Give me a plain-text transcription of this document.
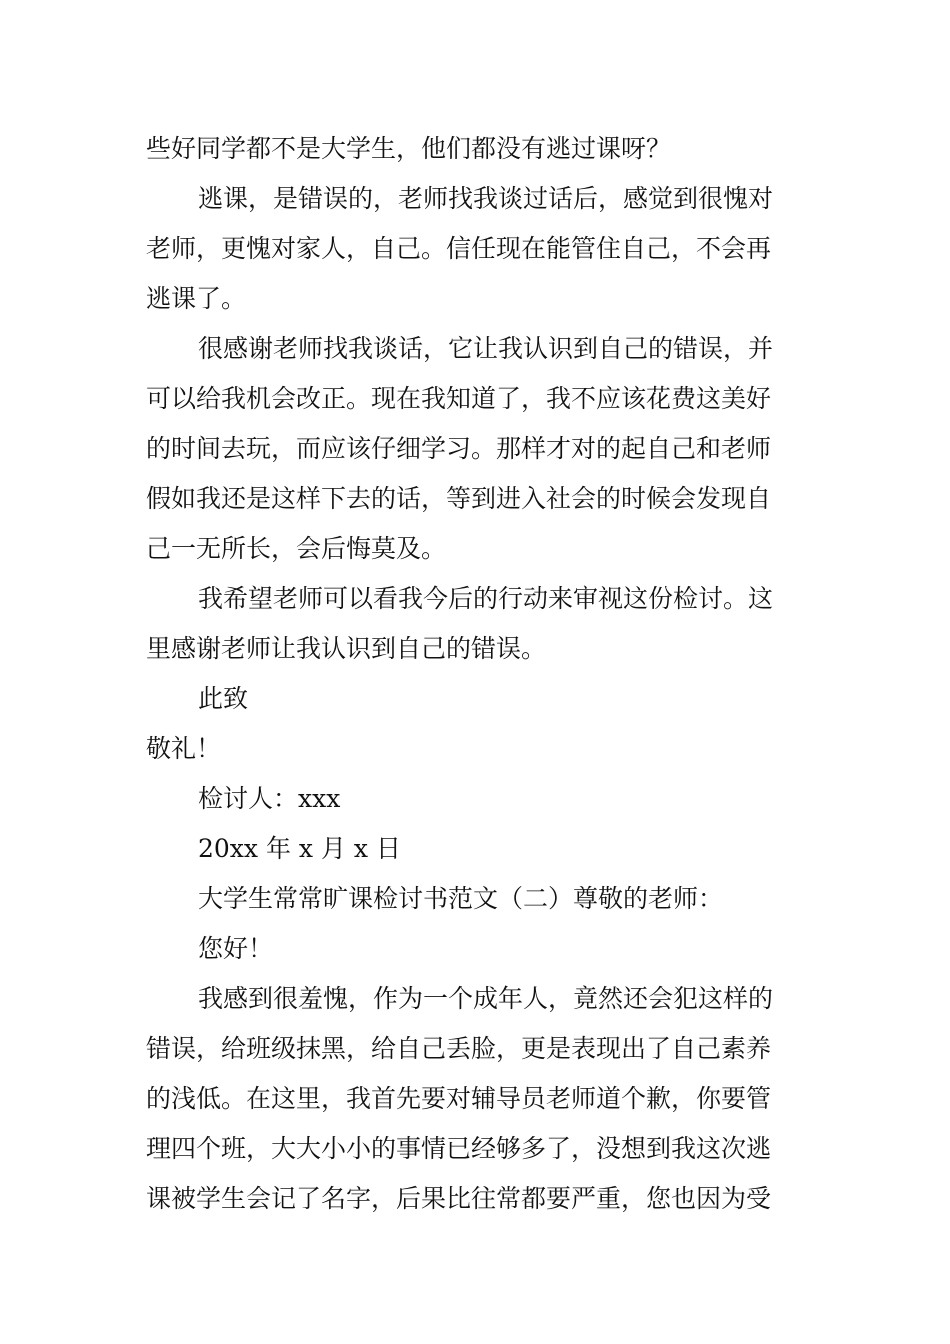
些好同学都不是大学生，他们都没有逃过课呀？
逃课，是错误的，老师找我谈过话后，感觉到很愧对
老师，更愧对家人，自己。信任现在能管住自己，不会再
逃课了。
很感谢老师找我谈话，它让我认识到自己的错误，并
可以给我机会改正。现在我知道了，我不应该花费这美好
的时间去玩，而应该仔细学习。那样才对的起自己和老师
假如我还是这样下去的话，等到进入社会的时候会发现自
己一无所长，会后悔莫及。
我希望老师可以看我今后的行动来审视这份检讨。这
里感谢老师让我认识到自己的错误。
此致
敬礼！
检讨人：xxx
20xx 年 x 月 x 日
大学生常常旷课检讨书范文（二）尊敬的老师：
您好！
我感到很羞愧，作为一个成年人，竟然还会犯这样的
错误，给班级抹黑，给自己丢脸，更是表现出了自己素养
的浅低。在这里，我首先要对辅导员老师道个歉，你要管
理四个班，大大小小的事情已经够多了，没想到我这次逃
课被学生会记了名字，后果比往常都要严重，您也因为受
